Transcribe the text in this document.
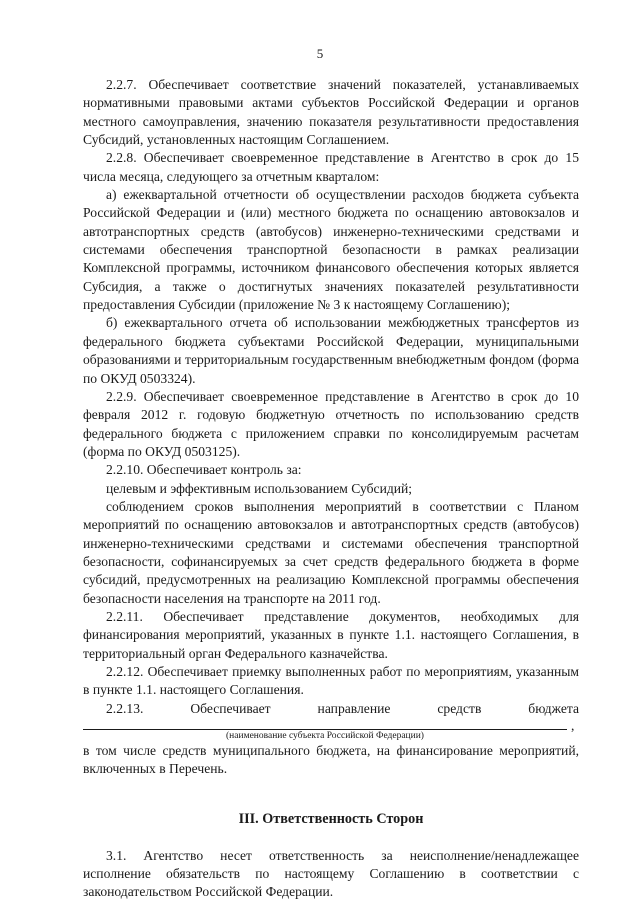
5

2.2.7. Обеспечивает соответствие значений показателей, устанавливаемых нормативными правовыми актами субъектов Российской Федерации и органов местного самоуправления, значению показателя результативности предоставления Субсидий, установленных настоящим Соглашением.

2.2.8. Обеспечивает своевременное представление в Агентство в срок до 15 числа месяца, следующего за отчетным кварталом:

а) ежеквартальной отчетности об осуществлении расходов бюджета субъекта Российской Федерации и (или) местного бюджета по оснащению автовокзалов и автотранспортных средств (автобусов) инженерно-техническими средствами и системами обеспечения транспортной безопасности в рамках реализации Комплексной программы, источником финансового обеспечения которых является Субсидия, а также о достигнутых значениях показателей результативности предоставления Субсидии (приложение № 3 к настоящему Соглашению);

б) ежеквартального отчета об использовании межбюджетных трансфертов из федерального бюджета субъектами Российской Федерации, муниципальными образованиями и территориальным государственным внебюджетным фондом (форма по ОКУД 0503324).

2.2.9. Обеспечивает своевременное представление в Агентство в срок до 10 февраля 2012 г. годовую бюджетную отчетность по использованию средств федерального бюджета с приложением справки по консолидируемым расчетам (форма по ОКУД 0503125).

2.2.10. Обеспечивает контроль за:

целевым и эффективным использованием Субсидий;

соблюдением сроков выполнения мероприятий в соответствии с Планом мероприятий по оснащению автовокзалов и автотранспортных средств (автобусов) инженерно-техническими средствами и системами обеспечения транспортной безопасности, софинансируемых за счет средств федерального бюджета в форме субсидий, предусмотренных на реализацию Комплексной программы обеспечения безопасности населения на транспорте на 2011 год.

2.2.11. Обеспечивает представление документов, необходимых для финансирования мероприятий, указанных в пункте 1.1. настоящего Соглашения, в территориальный орган Федерального казначейства.

2.2.12. Обеспечивает приемку выполненных работ по мероприятиям, указанным в пункте 1.1. настоящего Соглашения.

2.2.13. Обеспечивает направление средств бюджета

,
(наименование субъекта Российской Федерации)

в том числе средств муниципального бюджета, на финансирование мероприятий, включенных в Перечень.

III. Ответственность Сторон

3.1. Агентство несет ответственность за неисполнение/ненадлежащее исполнение обязательств по настоящему Соглашению в соответствии с законодательством Российской Федерации.
